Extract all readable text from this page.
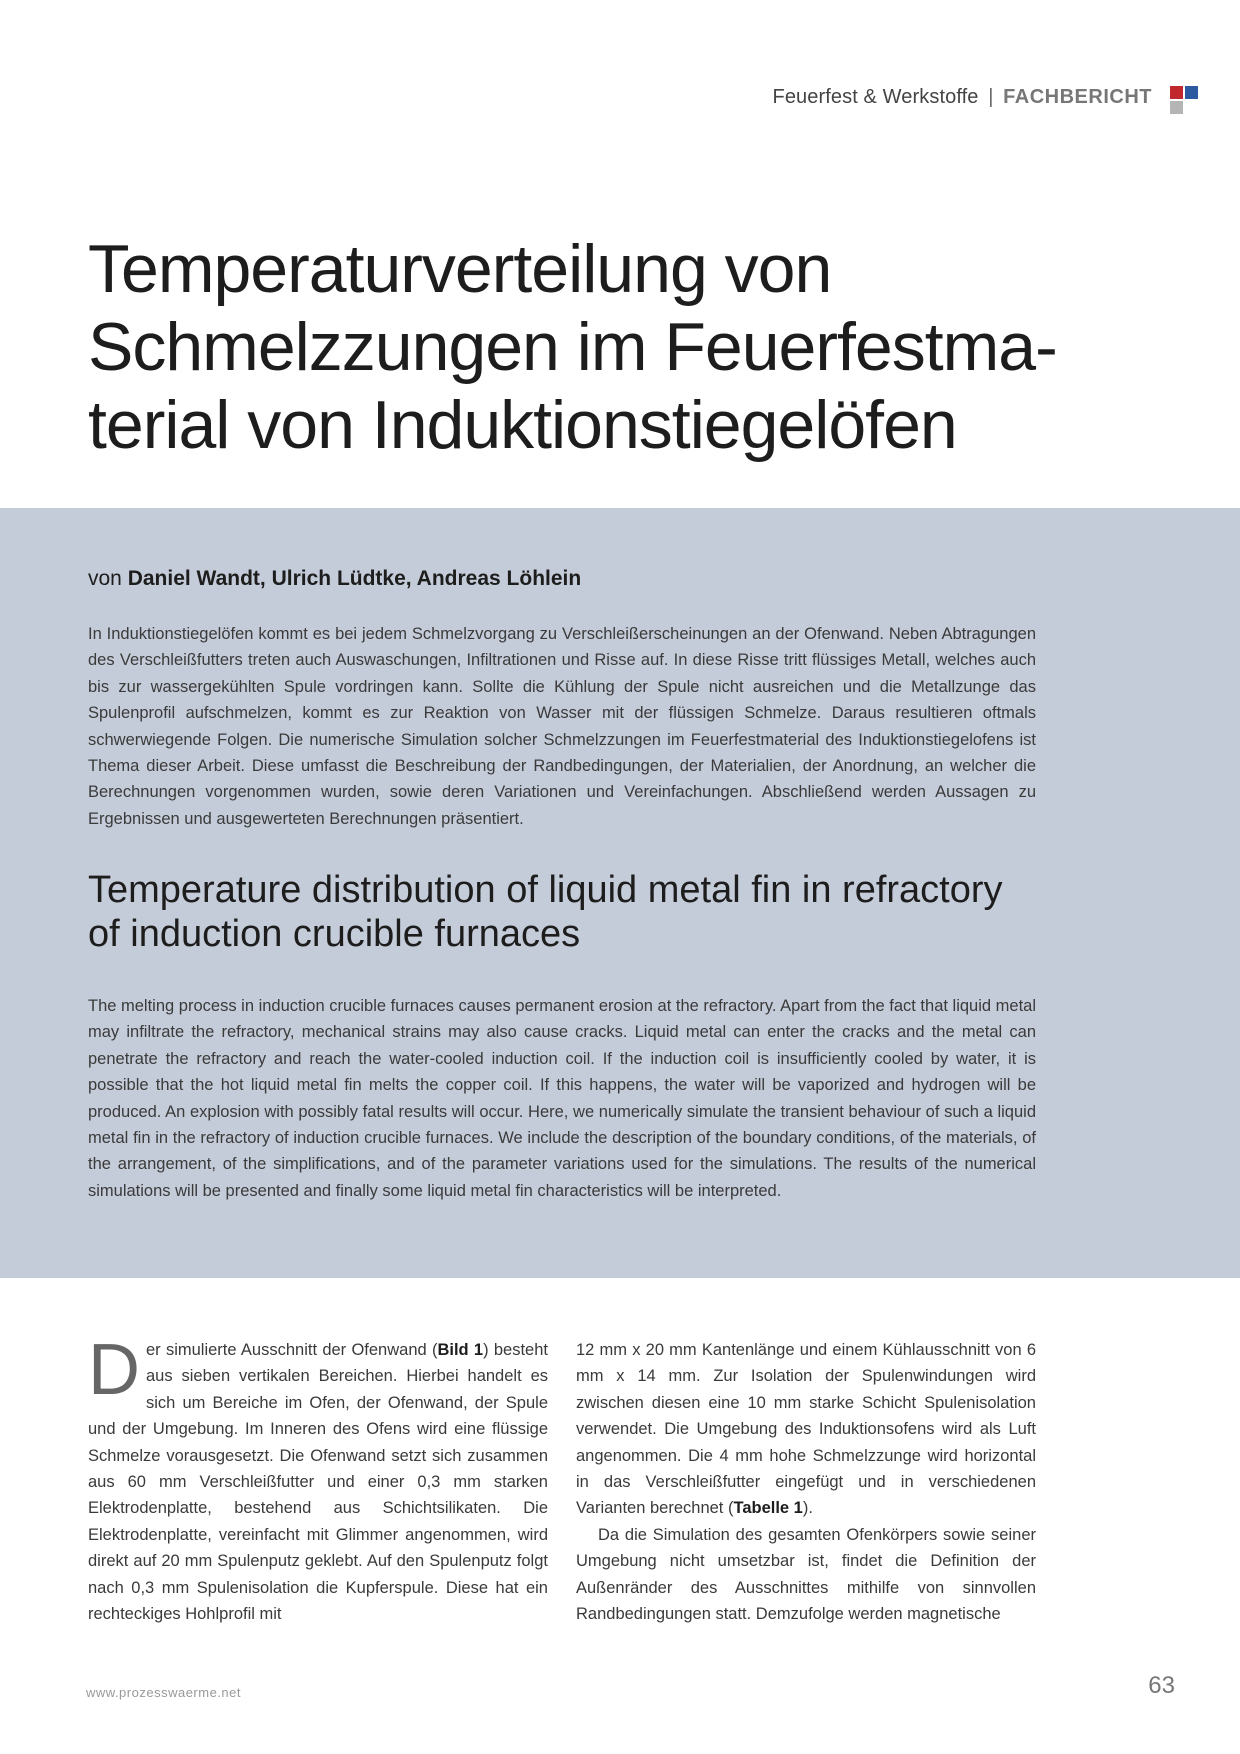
Feuerfest & Werkstoffe | FACHBERICHT
Temperaturverteilung von
Schmelzzungen im Feuerfestma-
terial von Induktionstiegelöfen
von Daniel Wandt, Ulrich Lüdtke, Andreas Löhlein

In Induktionstiegelöfen kommt es bei jedem Schmelzvorgang zu Verschleißerscheinungen an der Ofenwand. Neben Abtragungen des Verschleißfutters treten auch Auswaschungen, Infiltrationen und Risse auf. In diese Risse tritt flüssiges Metall, welches auch bis zur wassergekühlten Spule vordringen kann. Sollte die Kühlung der Spule nicht ausreichen und die Metallzunge das Spulenprofil aufschmelzen, kommt es zur Reaktion von Wasser mit der flüssigen Schmelze. Daraus resultieren oftmals schwerwiegende Folgen. Die numerische Simulation solcher Schmelzzungen im Feuerfestmaterial des Induktionstiegelofens ist Thema dieser Arbeit. Diese umfasst die Beschreibung der Randbedingungen, der Materialien, der Anordnung, an welcher die Berechnungen vorgenommen wurden, sowie deren Variationen und Vereinfachungen. Abschließend werden Aussagen zu Ergebnissen und ausgewerteten Berechnungen präsentiert.

Temperature distribution of liquid metal fin in refractory
of induction crucible furnaces

The melting process in induction crucible furnaces causes permanent erosion at the refractory. Apart from the fact that liquid metal may infiltrate the refractory, mechanical strains may also cause cracks. Liquid metal can enter the cracks and the metal can penetrate the refractory and reach the water-cooled induction coil. If the induction coil is insufficiently cooled by water, it is possible that the hot liquid metal fin melts the copper coil. If this happens, the water will be vaporized and hydrogen will be produced. An explosion with possibly fatal results will occur. Here, we numerically simulate the transient behaviour of such a liquid metal fin in the refractory of induction crucible furnaces. We include the description of the boundary conditions, of the materials, of the arrangement, of the simplifications, and of the parameter variations used for the simulations. The results of the numerical simulations will be presented and finally some liquid metal fin characteristics will be interpreted.

Der simulierte Ausschnitt der Ofenwand (Bild 1) besteht aus sieben vertikalen Bereichen. Hierbei handelt es sich um Bereiche im Ofen, der Ofenwand, der Spule und der Umgebung. Im Inneren des Ofens wird eine flüssige Schmelze vorausgesetzt. Die Ofenwand setzt sich zusammen aus 60 mm Verschleißfutter und einer 0,3 mm starken Elektrodenplatte, bestehend aus Schichtsilikaten. Die Elektrodenplatte, vereinfacht mit Glimmer angenommen, wird direkt auf 20 mm Spulenputz geklebt. Auf den Spulenputz folgt nach 0,3 mm Spulenisolation die Kupferspule. Diese hat ein rechteckiges Hohlprofil mit

12 mm x 20 mm Kantenlänge und einem Kühlausschnitt von 6 mm x 14 mm. Zur Isolation der Spulenwindungen wird zwischen diesen eine 10 mm starke Schicht Spulenisolation verwendet. Die Umgebung des Induktionsofens wird als Luft angenommen. Die 4 mm hohe Schmelzzunge wird horizontal in das Verschleißfutter eingefügt und in verschiedenen Varianten berechnet (Tabelle 1).

Da die Simulation des gesamten Ofenkörpers sowie seiner Umgebung nicht umsetzbar ist, findet die Definition der Außenränder des Ausschnittes mithilfe von sinnvollen Randbedingungen statt. Demzufolge werden magnetische

www.prozesswaerme.net	63
